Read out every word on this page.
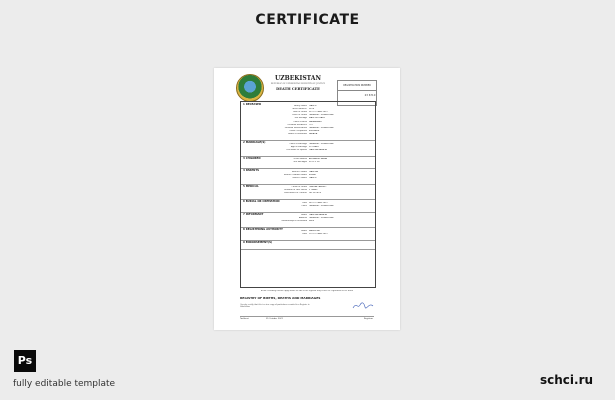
CERTIFICATE
UZBEKISTAN
REPUBLIC OF UZBEKISTAN MINISTRY OF JUSTICE
DEATH CERTIFICATE
REGISTRATION NUMBER
23 6710
1 DECEASED	Family Name IVANOV
Given Name(s) IGOR
Date of Death 05 OCTOBER 2021
Place of Death TASHKENT, UZBEKISTAN
Sex and Age MALE 58 YEARS
Place of Birth SAMARKAND
Personal Residence CITY
Personal Identification TASHKENT, UZBEKISTAN
Usual Occupation ENGINEER
Name of Informant NATALIA
2 MARRIAGE(S)	Place of Marriage TASHKENT, UZBEKISTAN
Age at Marriage 25 YEARS
Full Name of Spouse IVANOVA NATALIA
3 CHILDREN	Given Names ALEXANDR, ANNA
Sex and Ages M 29, F 26
4 PARENTS	Mother's Name IVANOVA
Mother's Maiden Name ELENA
Father's Name IVANOV
5 MEDICAL	Cause of Death CARDIAC ARREST
Duration of Last Illness 2 YEARS
Practitioner or Coroner DR. PETROV
6 BURIAL OR CREMATION	Date 08 OCTOBER 2021
Place TASHKENT, UZBEKISTAN
7 INFORMANT	Name IVANOVA NATALIA
Address TASHKENT, UZBEKISTAN
Relationship to Deceased WIFE
8 REGISTERING AUTHORITY	Name KARIMOVA
Date 10 OCTOBER 2021
9 ENDORSEMENT(S)
Before recording a death, apply under the Act or the registrar may refuse the registration of the death
REGISTRY OF BIRTHS, DEATHS AND MARRIAGES
I hereby certify that this is a true copy of particulars recorded in a Register in Uzbekistan
Tashkent	25 October 2021	Registrar
Ps
fully editable template	schci.ru
